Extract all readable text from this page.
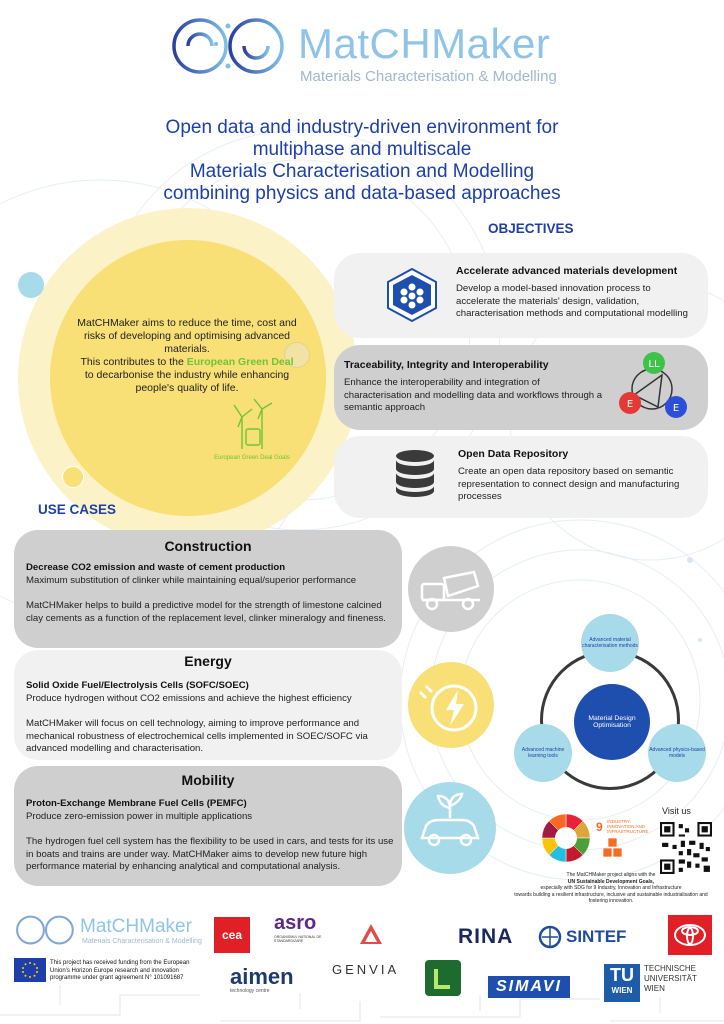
MatCHMaker
Materials Characterisation & Modelling
Open data and industry-driven environment for
multiphase and multiscale
Materials Characterisation and Modelling
combining physics and data-based approaches
MatCHMaker aims to reduce the time, cost and risks of developing and optimising advanced materials.
This contributes to the European Green Deal
to decarbonise the industry while enhancing people's quality of life.
European Green Deal Goals
OBJECTIVES
Accelerate advanced materials development
Develop a model-based innovation process to accelerate the materials' design, validation, characterisation methods and computational modelling
Traceability, Integrity and Interoperability
Enhance the interoperability and integration of characterisation and modelling data and workflows through a semantic approach
LL
E	E
Open Data Repository
Create an open data repository based on semantic representation to connect design and manufacturing processes
USE CASES
Construction
Decrease CO2 emission and waste of cement production
Maximum substitution of clinker while maintaining equal/superior performance
MatCHMaker helps to build a predictive model for the strength of limestone calcined clay cements as a function of the replacement level, clinker mineralogy and fineness.
Energy
Solid Oxide Fuel/Electrolysis Cells (SOFC/SOEC)
Produce hydrogen without CO2 emissions and achieve the highest efficiency
MatCHMaker will focus on cell technology, aiming to improve performance and mechanical robustness of electrochemical cells implemented in SOEC/SOFC via advanced modelling and characterisation.
Mobility
Proton-Exchange Membrane Fuel Cells (PEMFC)
Produce zero-emission power in multiple applications
The hydrogen fuel cell system has the flexibility to be used in cars, and tests for its use in boats and trains are under way. MatCHMaker aims to develop new future high performance material by enhancing analytical and computational analysis.
Material Design Optimisation
Advanced material characterisation methods
Advanced machine learning tools
Advanced physics-based models
9 INDUSTRY, INNOVATION AND INFRASTRUCTURE
Visit us
The MatCHMaker project aligns with the
UN Sustainable Development Goals,
especially with SDG for 9 Industry, Innovation and Infrastructure
towards building a resilient infrastructure, inclusive and sustainable industrialisation and fostering innovation.
MatCHMaker
Materials Characterisation & Modelling
This project has received funding from the European Union's Horizon Europe research and innovation programme under grant agreement N° 101091687
cea
asro
ORGANISMUL NATIONAL DE STANDARDIZARE	RINA	SINTEF
aimen
technology centre
GENVIA
SIMAVI
TU
WIEN
TECHNISCHE
UNIVERSITÄT
WIEN
